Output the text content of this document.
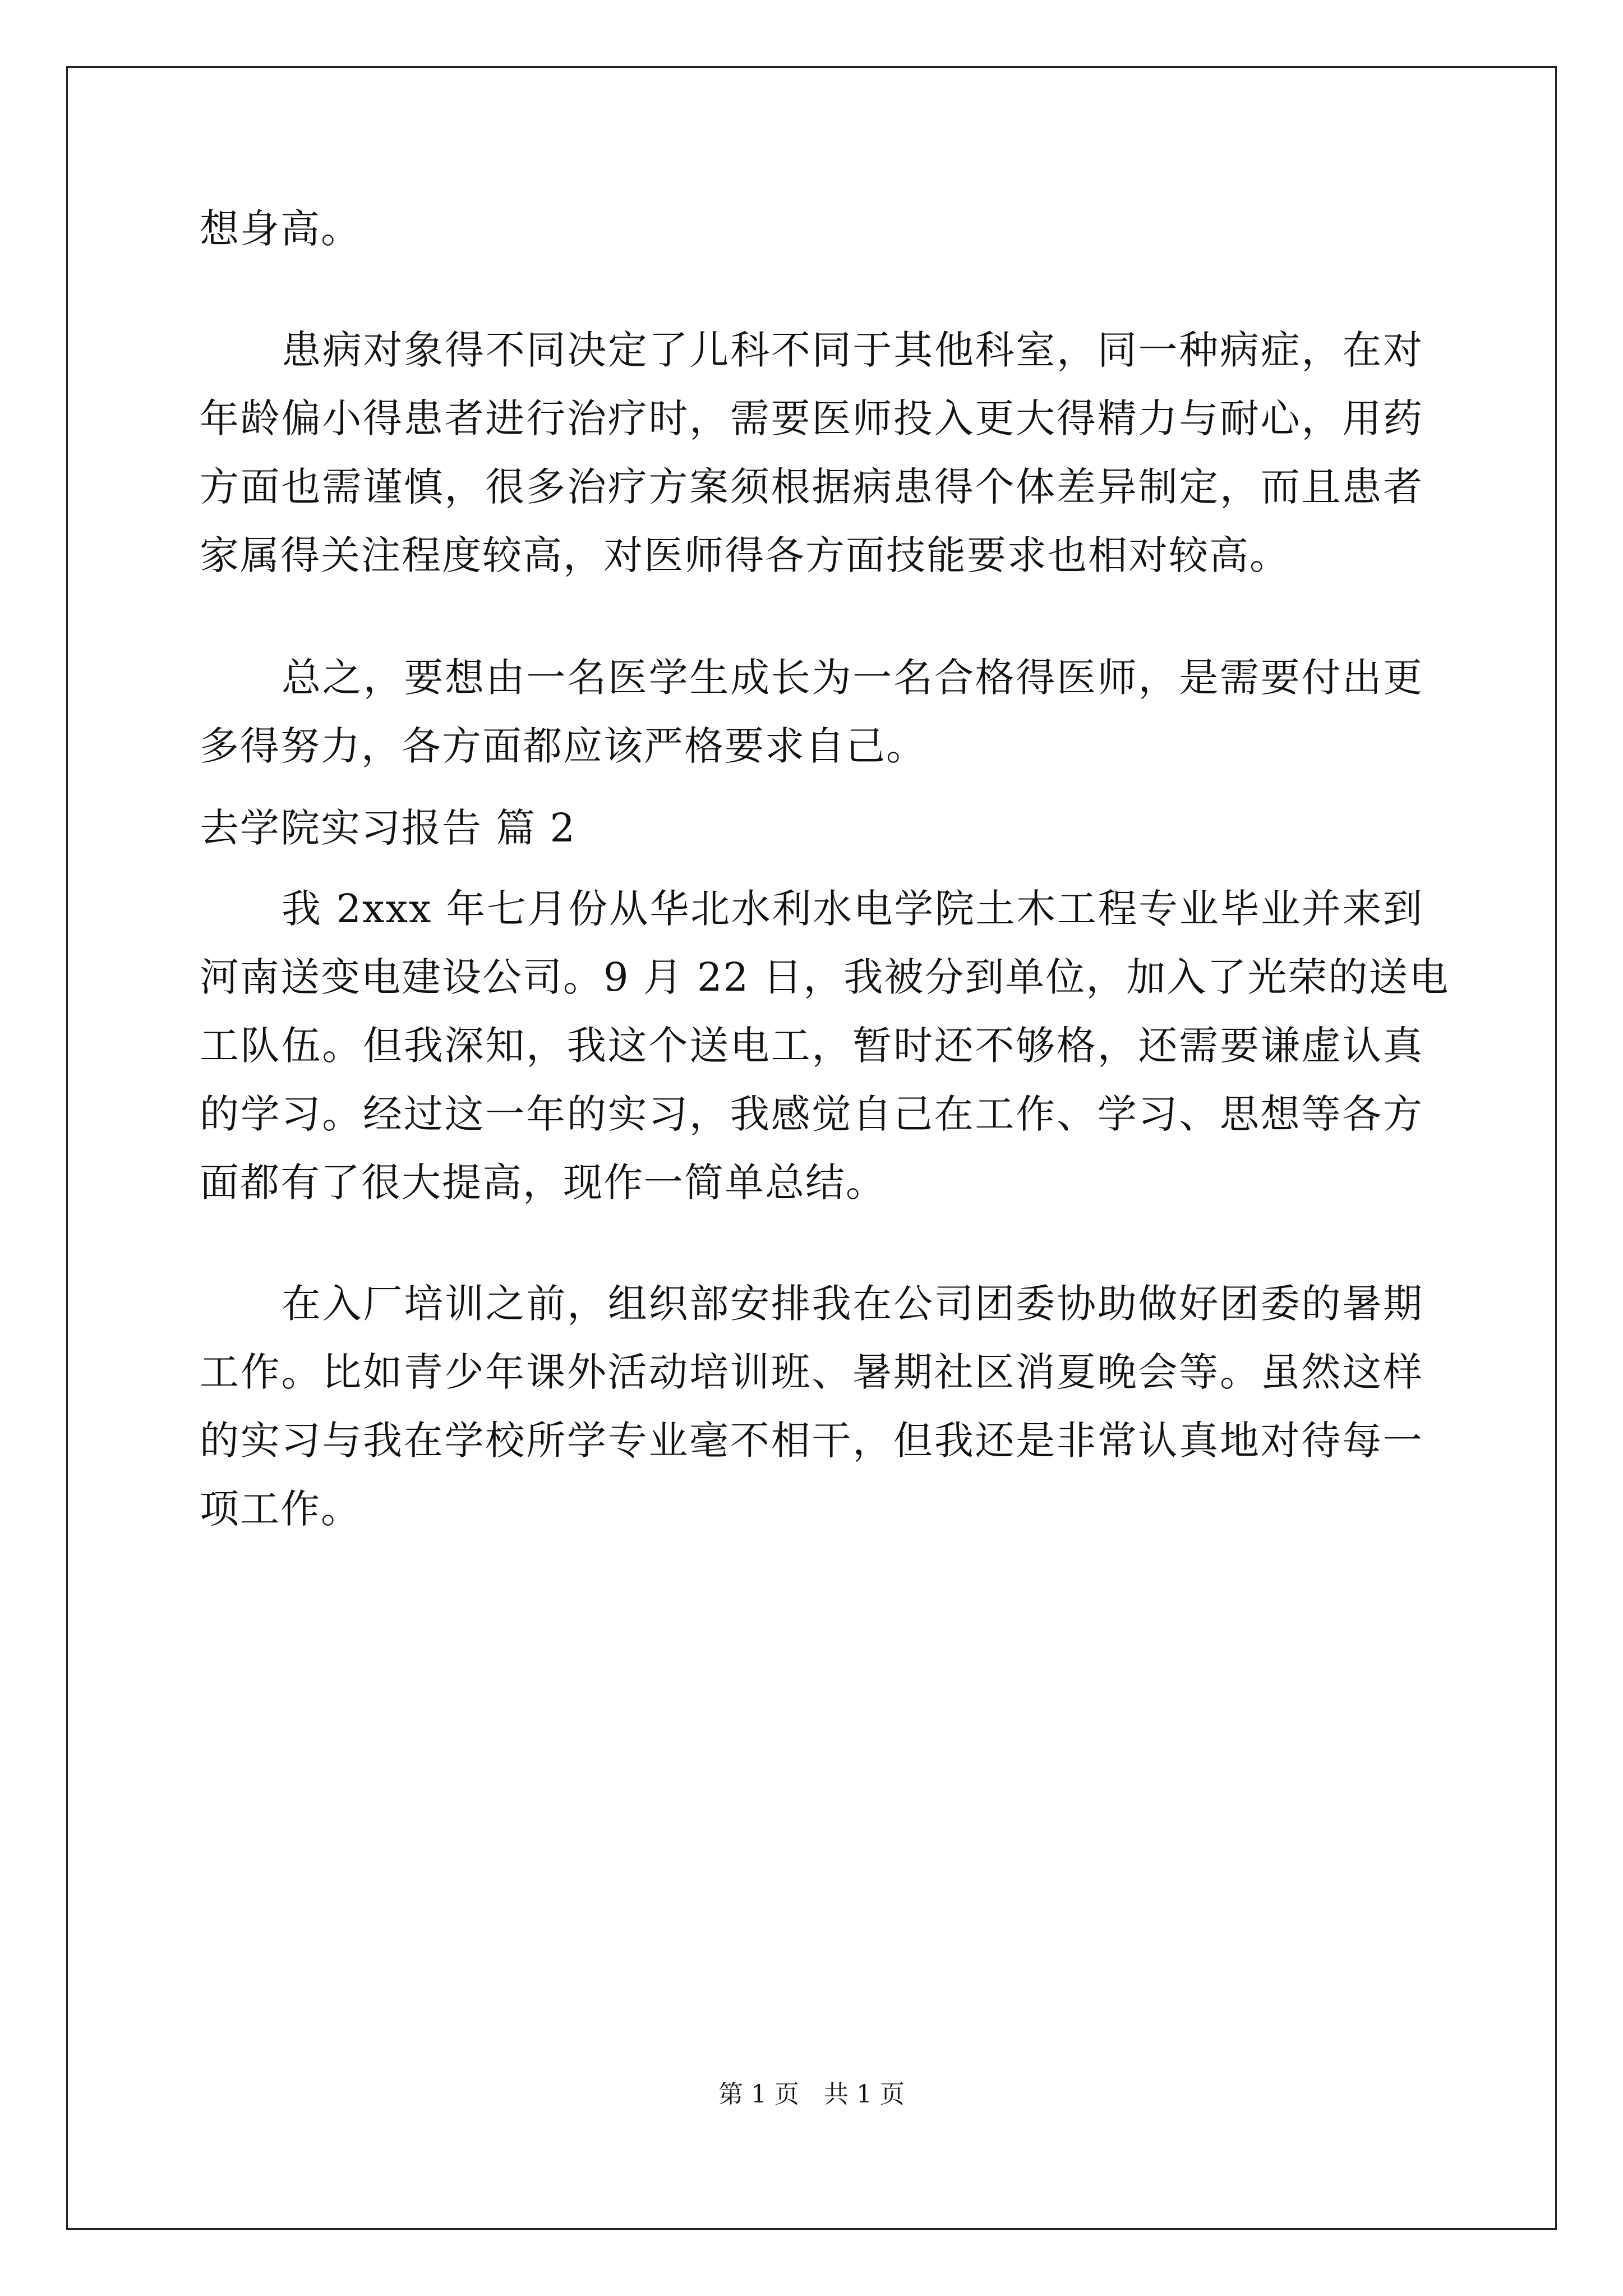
想身高。
患病对象得不同决定了儿科不同于其他科室，同一种病症，在对
年龄偏小得患者进行治疗时，需要医师投入更大得精力与耐心，用药
方面也需谨慎，很多治疗方案须根据病患得个体差异制定，而且患者
家属得关注程度较高，对医师得各方面技能要求也相对较高。
总之，要想由一名医学生成长为一名合格得医师，是需要付出更
多得努力，各方面都应该严格要求自己。
去学院实习报告 篇 2
我 2xxx 年七月份从华北水利水电学院土木工程专业毕业并来到
河南送变电建设公司。9 月 22 日，我被分到单位，加入了光荣的送电
工队伍。但我深知，我这个送电工，暂时还不够格，还需要谦虚认真
的学习。经过这一年的实习，我感觉自己在工作、学习、思想等各方
面都有了很大提高，现作一简单总结。
在入厂培训之前，组织部安排我在公司团委协助做好团委的暑期
工作。比如青少年课外活动培训班、暑期社区消夏晚会等。虽然这样
的实习与我在学校所学专业毫不相干，但我还是非常认真地对待每一
项工作。
第 1 页　共 1 页
